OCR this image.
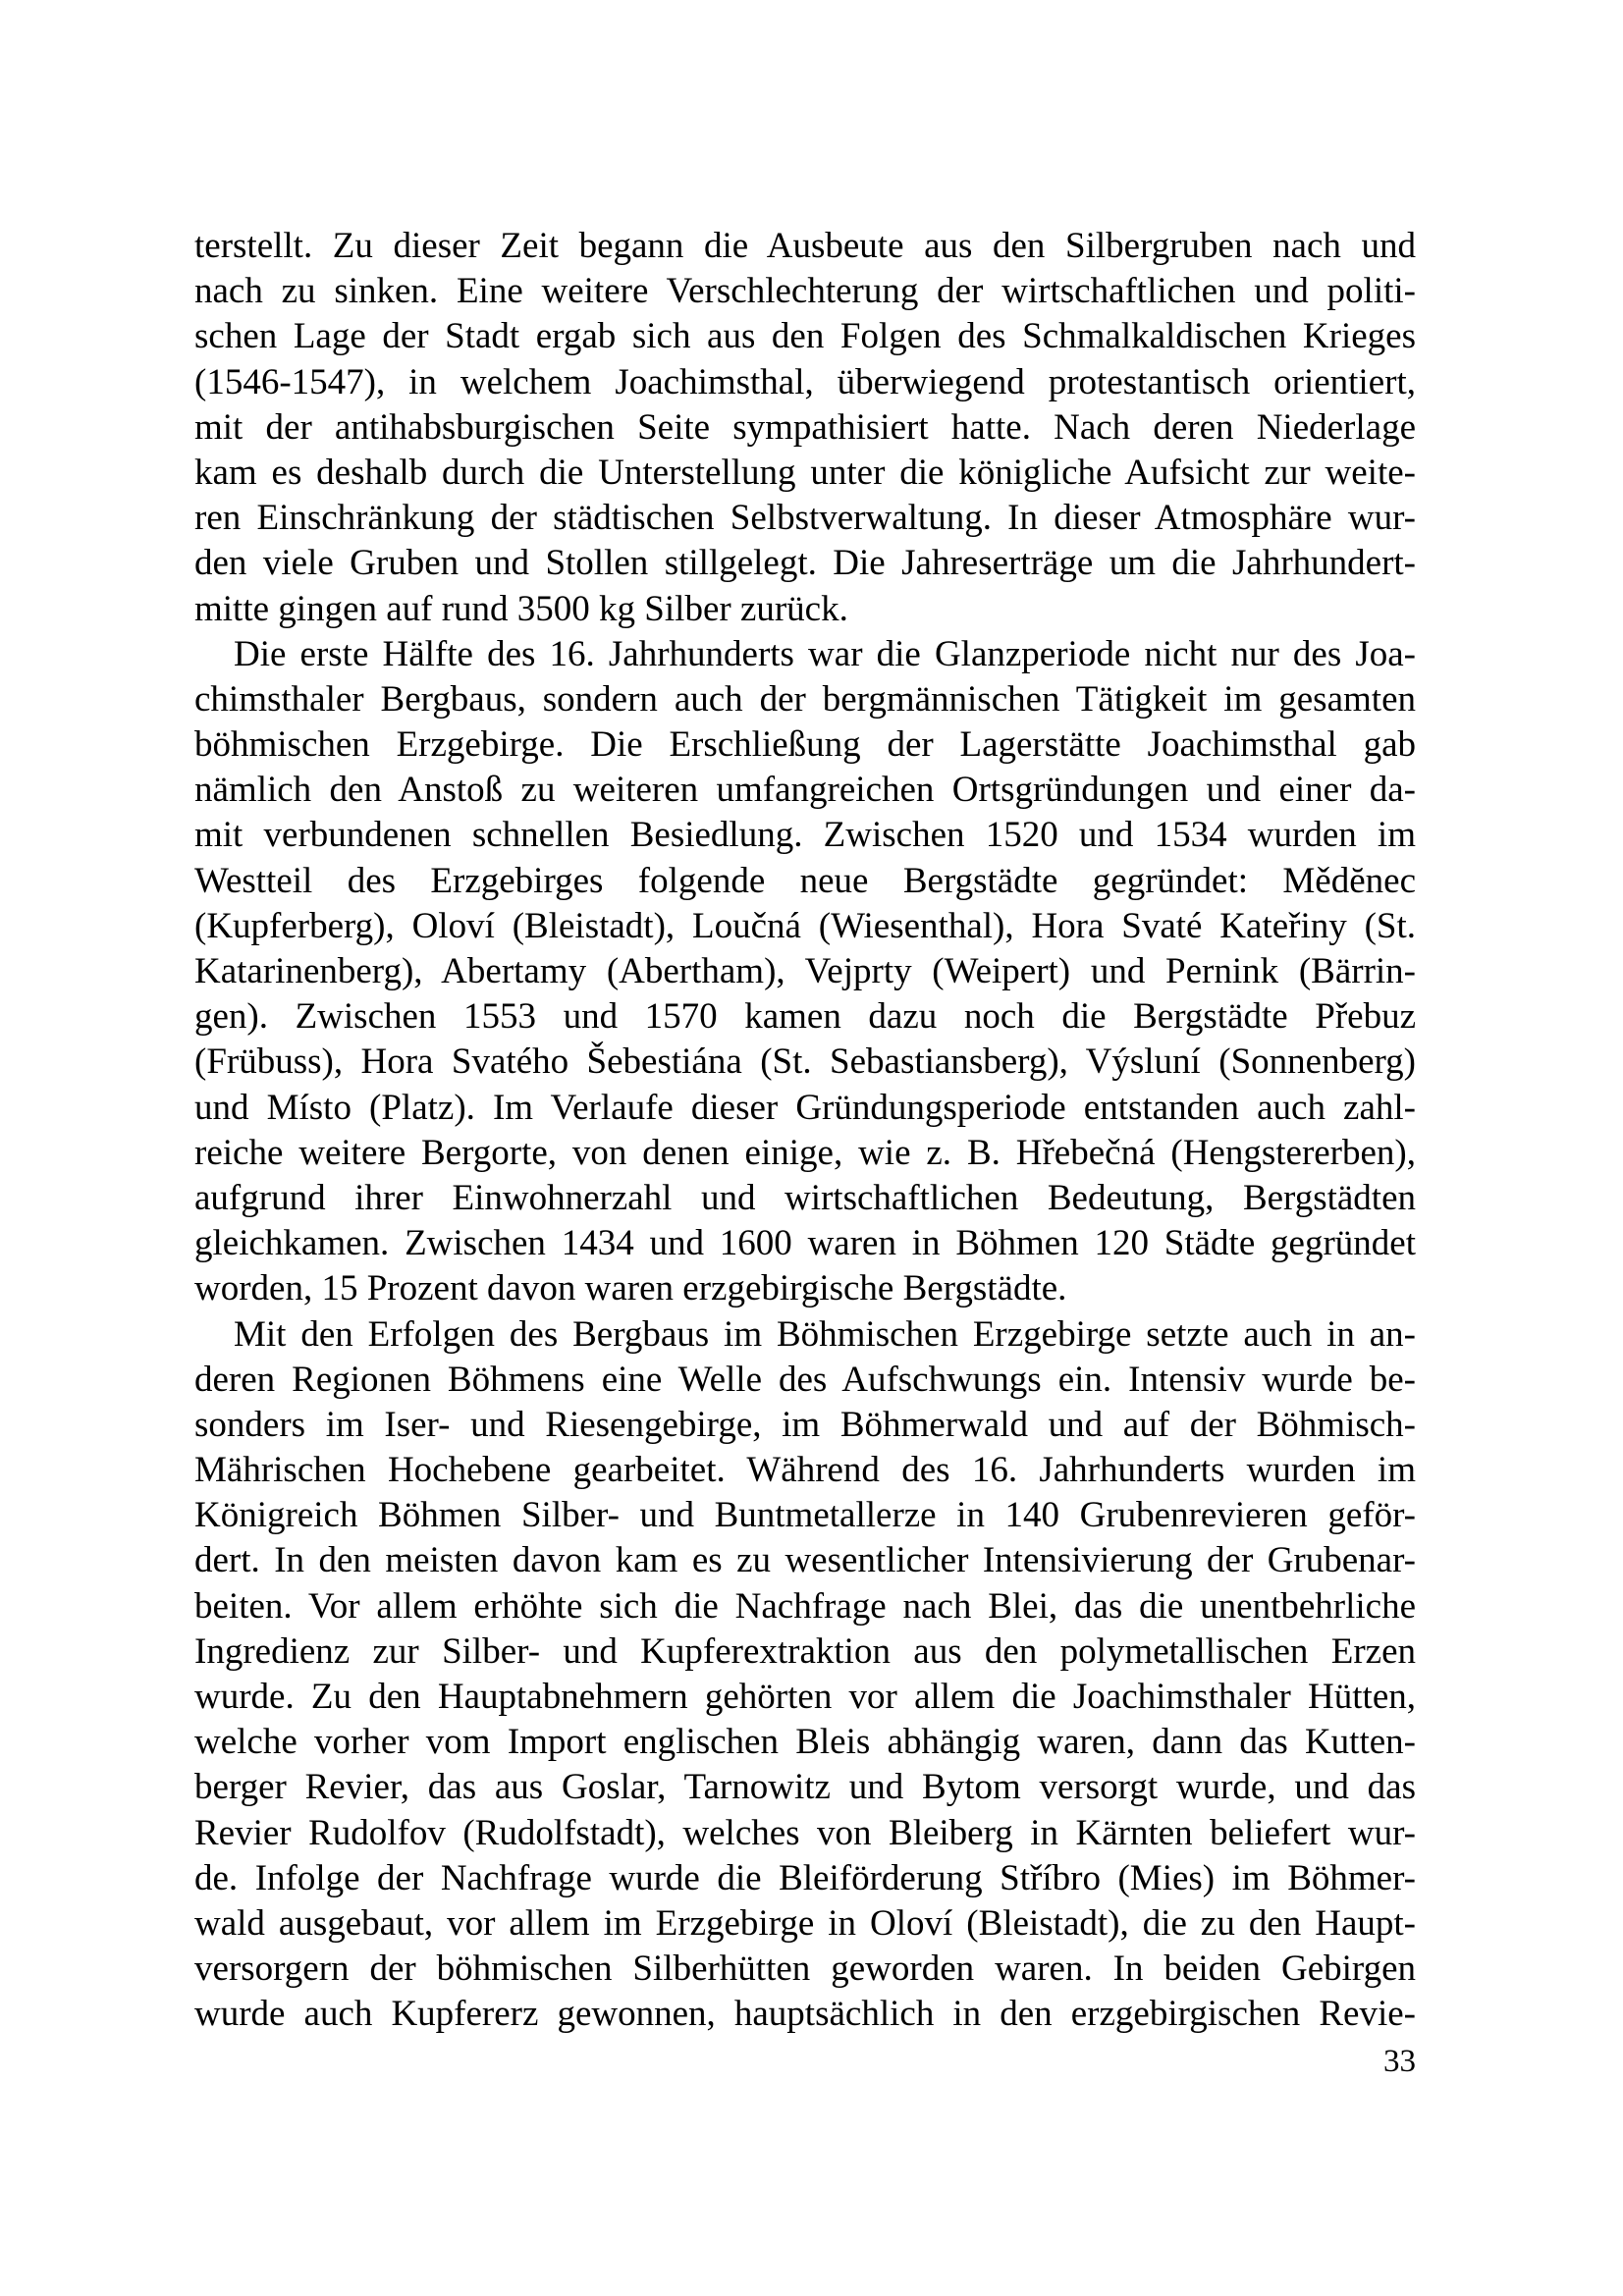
terstellt. Zu dieser Zeit begann die Ausbeute aus den Silbergruben nach und
nach zu sinken. Eine weitere Verschlechterung der wirtschaftlichen und politi-
schen Lage der Stadt ergab sich aus den Folgen des Schmalkaldischen Krieges
(1546-1547), in welchem Joachimsthal, überwiegend protestantisch orientiert,
mit der antihabsburgischen Seite sympathisiert hatte. Nach deren Niederlage
kam es deshalb durch die Unterstellung unter die königliche Aufsicht zur weite-
ren Einschränkung der städtischen Selbstverwaltung. In dieser Atmosphäre wur-
den viele Gruben und Stollen stillgelegt. Die Jahreserträge um die Jahrhundert-
mitte gingen auf rund 3500 kg Silber zurück.
Die erste Hälfte des 16. Jahrhunderts war die Glanzperiode nicht nur des Joa-
chimsthaler Bergbaus, sondern auch der bergmännischen Tätigkeit im gesamten
böhmischen Erzgebirge. Die Erschließung der Lagerstätte Joachimsthal gab
nämlich den Anstoß zu weiteren umfangreichen Ortsgründungen und einer da-
mit verbundenen schnellen Besiedlung. Zwischen 1520 und 1534 wurden im
Westteil des Erzgebirges folgende neue Bergstädte gegründet: Mědĕnec
(Kupferberg), Oloví (Bleistadt), Loučná (Wiesenthal), Hora Svaté Kateřiny (St.
Katarinenberg), Abertamy (Abertham), Vejprty (Weipert) und Pernink (Bärrin-
gen). Zwischen 1553 und 1570 kamen dazu noch die Bergstädte Přebuz
(Frübuss), Hora Svatého Šebestiána (St. Sebastiansberg), Výsluní (Sonnenberg)
und Místo (Platz). Im Verlaufe dieser Gründungsperiode entstanden auch zahl-
reiche weitere Bergorte, von denen einige, wie z. B. Hřebečná (Hengstererben),
aufgrund ihrer Einwohnerzahl und wirtschaftlichen Bedeutung, Bergstädten
gleichkamen. Zwischen 1434 und 1600 waren in Böhmen 120 Städte gegründet
worden, 15 Prozent davon waren erzgebirgische Bergstädte.
Mit den Erfolgen des Bergbaus im Böhmischen Erzgebirge setzte auch in an-
deren Regionen Böhmens eine Welle des Aufschwungs ein. Intensiv wurde be-
sonders im Iser- und Riesengebirge, im Böhmerwald und auf der Böhmisch-
Mährischen Hochebene gearbeitet. Während des 16. Jahrhunderts wurden im
Königreich Böhmen Silber- und Buntmetallerze in 140 Grubenrevieren geför-
dert. In den meisten davon kam es zu wesentlicher Intensivierung der Grubenar-
beiten. Vor allem erhöhte sich die Nachfrage nach Blei, das die unentbehrliche
Ingredienz zur Silber- und Kupferextraktion aus den polymetallischen Erzen
wurde. Zu den Hauptabnehmern gehörten vor allem die Joachimsthaler Hütten,
welche vorher vom Import englischen Bleis abhängig waren, dann das Kutten-
berger Revier, das aus Goslar, Tarnowitz und Bytom versorgt wurde, und das
Revier Rudolfov (Rudolfstadt), welches von Bleiberg in Kärnten beliefert wur-
de. Infolge der Nachfrage wurde die Bleiförderung Stříbro (Mies) im Böhmer-
wald ausgebaut, vor allem im Erzgebirge in Oloví (Bleistadt), die zu den Haupt-
versorgern der böhmischen Silberhütten geworden waren. In beiden Gebirgen
wurde auch Kupfererz gewonnen, hauptsächlich in den erzgebirgischen Revie-
33
